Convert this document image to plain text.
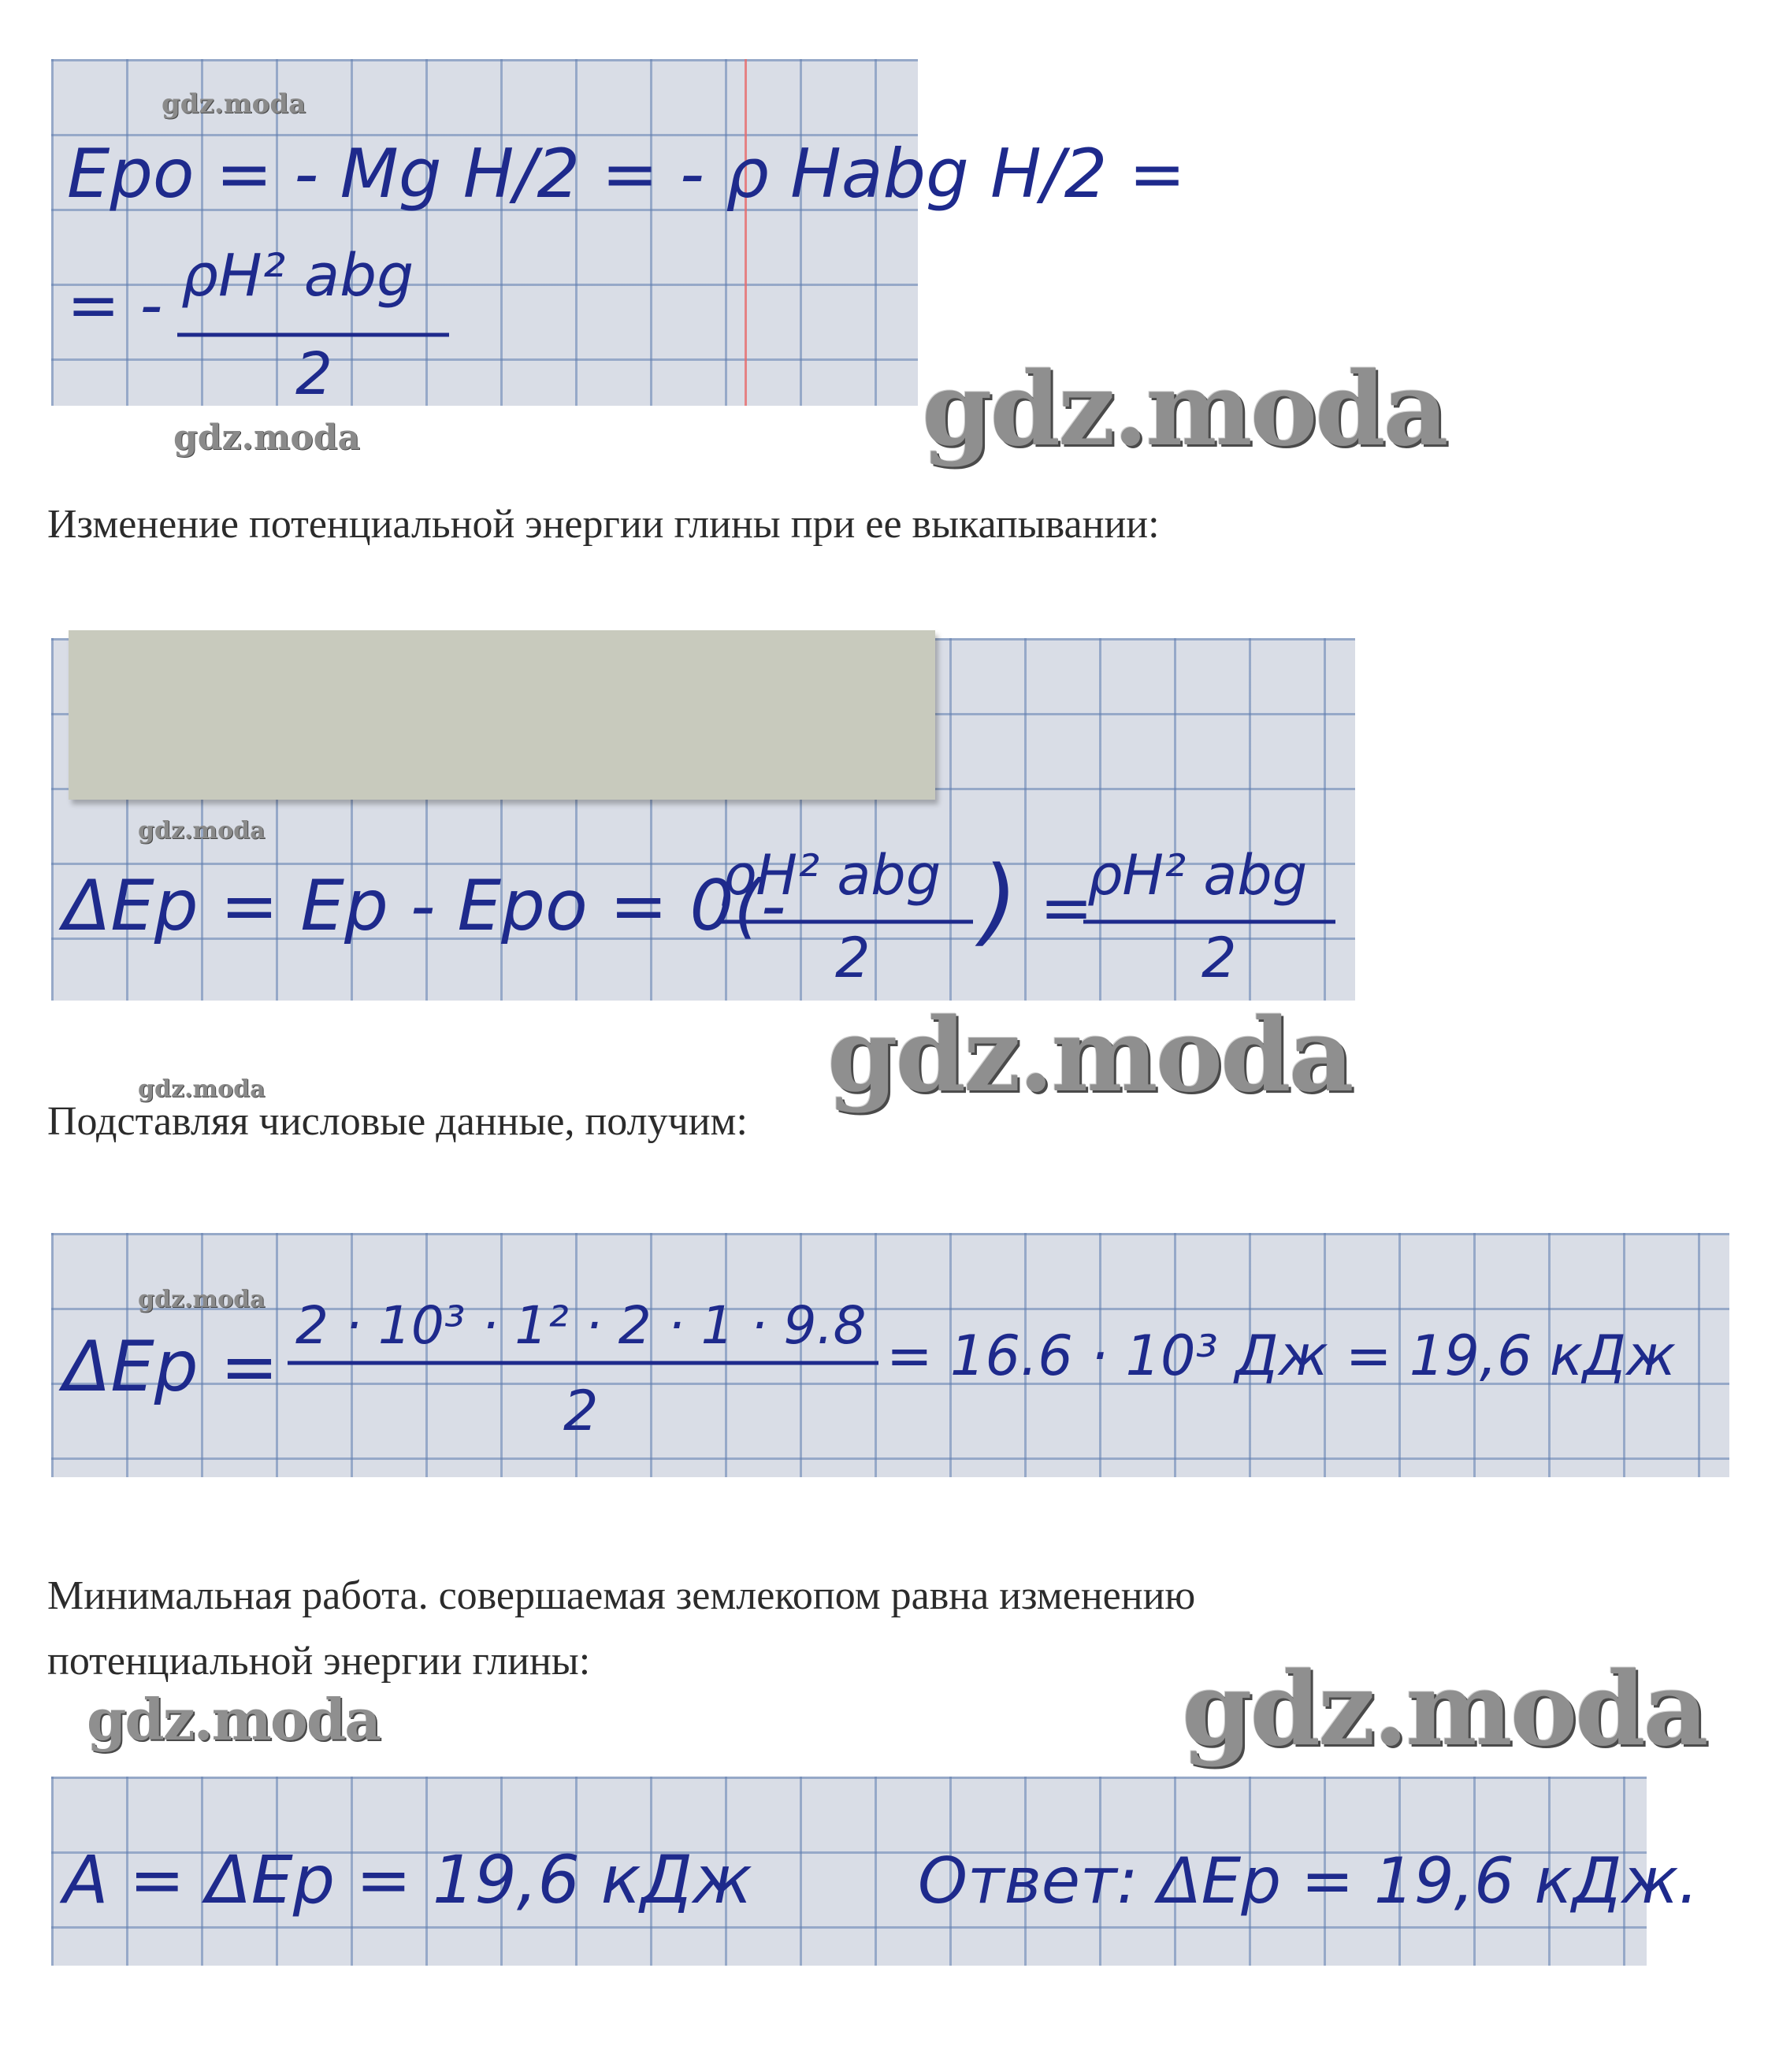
Epo = - Mg H/2 = - ρ Habg H/2 =
= - ρH² abg
2
gdz.moda
gdz.moda	gdz.moda
Изменение потенциальной энергии глины при ее выкапывании:
ΔEp = Ep - Epo = 0(-
ρH² abg
2
) =
ρH² abg
2
gdz.moda
gdz.moda
gdz.moda
Подставляя числовые данные, получим:
ΔEp =
2 · 10³ · 1² · 2 · 1 · 9.8
2
= 16.6 · 10³ Дж = 19,6 кДж
gdz.moda
Минимальная работа. совершаемая землекопом равна изменению
потенциальной энергии глины:
gdz.moda	gdz.moda
A = ΔEp = 19,6 кДж	Ответ: ΔEp = 19,6 кДж.
